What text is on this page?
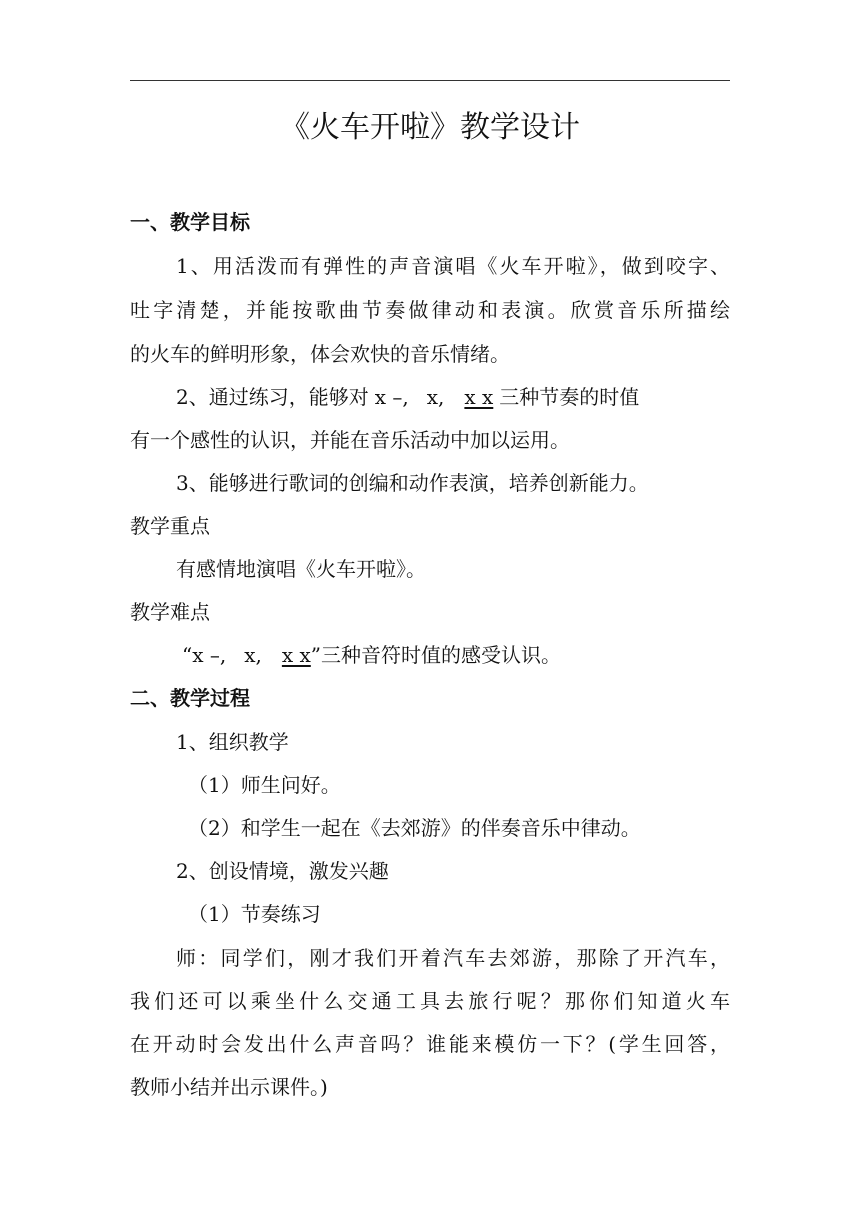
《火车开啦》教学设计
一、教学目标
1、用活泼而有弹性的声音演唱《火车开啦》，做到咬字、
吐字清楚，并能按歌曲节奏做律动和表演。欣赏音乐所描绘
的火车的鲜明形象，体会欢快的音乐情绪。
2、通过练习，能够对 x –, x, x x 三种节奏的时值
有一个感性的认识，并能在音乐活动中加以运用。
3、能够进行歌词的创编和动作表演，培养创新能力。
教学重点
有感情地演唱《火车开啦》。
教学难点
“x –, x, x x”三种音符时值的感受认识。
二、教学过程
1、组织教学
（1）师生问好。
（2）和学生一起在《去郊游》的伴奏音乐中律动。
2、创设情境，激发兴趣
（1）节奏练习
师：同学们，刚才我们开着汽车去郊游，那除了开汽车，
我们还可以乘坐什么交通工具去旅行呢？那你们知道火车
在开动时会发出什么声音吗？谁能来模仿一下？(学生回答，
教师小结并出示课件。)
